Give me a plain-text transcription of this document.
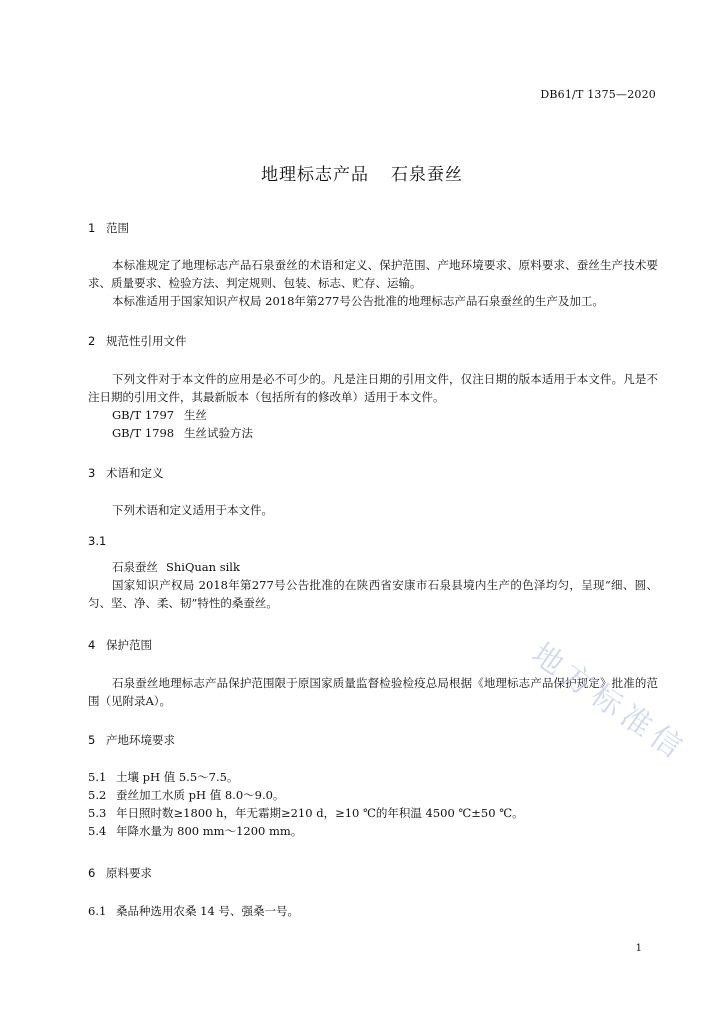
DB61/T 1375—2020
地理标志产品 石泉蚕丝
1 范围

本标准规定了地理标志产品石泉蚕丝的术语和定义、保护范围、产地环境要求、原料要求、蚕丝生产技术要求、质量要求、检验方法、判定规则、包装、标志、贮存、运输。

本标准适用于国家知识产权局 2018年第277号公告批准的地理标志产品石泉蚕丝的生产及加工。

2 规范性引用文件

下列文件对于本文件的应用是必不可少的。凡是注日期的引用文件，仅注日期的版本适用于本文件。凡是不注日期的引用文件，其最新版本（包括所有的修改单）适用于本文件。

GB/T 1797 生丝

GB/T 1798 生丝试验方法

3 术语和定义

下列术语和定义适用于本文件。

3.1

石泉蚕丝 ShiQuan silk

国家知识产权局 2018年第277号公告批准的在陕西省安康市石泉县境内生产的色泽均匀，呈现“细、圆、匀、坚、净、柔、韧”特性的桑蚕丝。

4 保护范围

石泉蚕丝地理标志产品保护范围限于原国家质量监督检验检疫总局根据《地理标志产品保护规定》批准的范围（见附录A）。

5 产地环境要求
5.1 土壤 pH 值 5.5～7.5。
5.2 蚕丝加工水质 pH 值 8.0～9.0。
5.3 年日照时数≥1800 h，年无霜期≥210 d，≥10 ℃的年积温 4500 ℃±50 ℃。
5.4 年降水量为 800 mm～1200 mm。
6 原料要求
6.1 桑品种选用农桑 14 号、强桑一号。
1
地方标准信
